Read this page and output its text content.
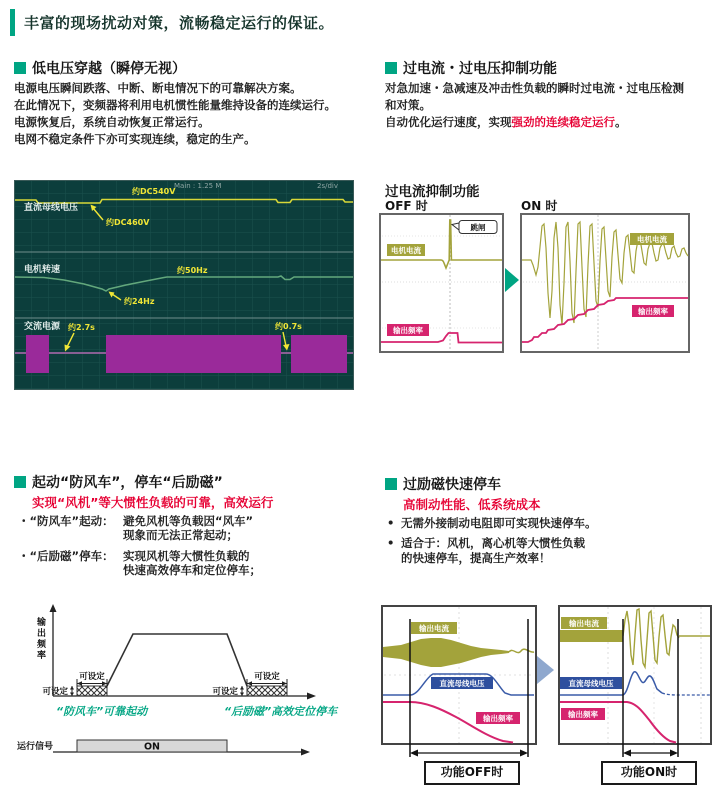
丰富的现场扰动对策，流畅稳定运行的保证。
低电压穿越（瞬停无视）
电源电压瞬间跌落、中断、断电情况下的可靠解决方案。
在此情况下，变频器将利用电机惯性能量维持设备的连续运行。
电源恢复后，系统自动恢复正常运行。
电网不稳定条件下亦可实现连续，稳定的生产。
直流母线电压
电机转速
交流电源
Main : 1.25 M	2s/div
约DC540V
约DC460V
约50Hz
约24Hz
约2.7s	约0.7s
过电流・过电压抑制功能
对急加速・急减速及冲击性负载的瞬时过电流・过电压检测
和对策。
自动优化运行速度，实现强劲的连续稳定运行。
过电流抑制功能
OFF 时	ON 时
跳闸
电机电流
输出频率
电机电流
输出频率
起动“防风车”，停车“后励磁”
实现“风机”等大惯性负载的可靠，高效运行
・“防风车”起动： 避免风机等负载因“风车”
现象而无法正常起动；
・“后励磁”停车： 实现风机等大惯性负载的
快速高效停车和定位停车；
可设定
可设定
可设定
可设定
运行信号	ON
输出频率
“防风车”可靠起动	“后励磁”高效定位停车
过励磁快速停车
高制动性能、低系统成本
• 无需外接制动电阻即可实现快速停车。
• 适合于：风机，离心机等大惯性负载
的快速停车，提高生产效率！
输出电流
直流母线电压
输出频率
输出电流
直流母线电压
输出频率
功能OFF时	功能ON时
